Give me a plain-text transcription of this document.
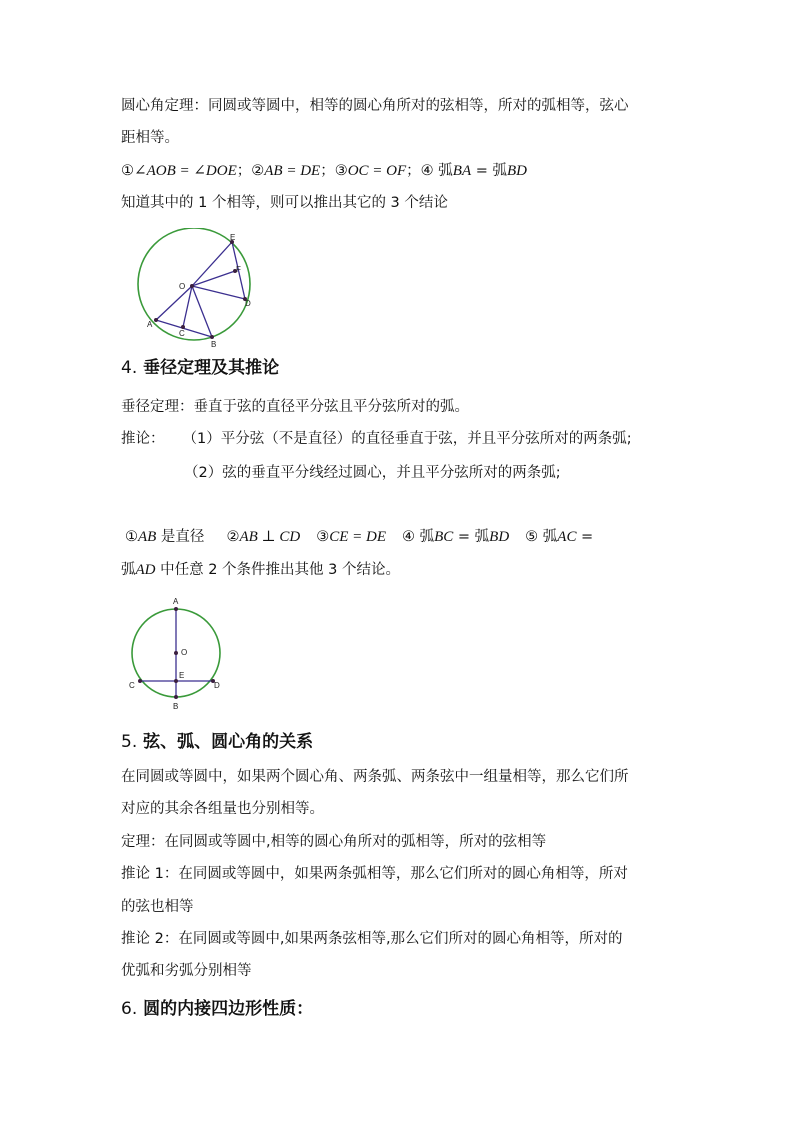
圆心角定理：同圆或等圆中，相等的圆心角所对的弦相等，所对的弧相等，弦心
距相等。
①∠AOB = ∠DOE；②AB = DE；③OC = OF；④ 弧BA = 弧BD
知道其中的 1 个相等，则可以推出其它的 3 个结论
E
F
O
D
A
C
B
4. 垂径定理及其推论
垂径定理：垂直于弦的直径平分弦且平分弦所对的弧。
推论： （1）平分弦（不是直径）的直径垂直于弦，并且平分弦所对的两条弧;
（2）弦的垂直平分线经过圆心，并且平分弦所对的两条弧;
①AB 是直径 ②AB ⊥ CD ③CE = DE ④ 弧BC = 弧BD ⑤ 弧AC =
弧AD 中任意 2 个条件推出其他 3 个结论。
A
O
E
C	D
B
5. 弦、弧、圆心角的关系
在同圆或等圆中，如果两个圆心角、两条弧、两条弦中一组量相等，那么它们所
对应的其余各组量也分别相等。
定理：在同圆或等圆中,相等的圆心角所对的弧相等，所对的弦相等
推论 1：在同圆或等圆中，如果两条弧相等，那么它们所对的圆心角相等，所对
的弦也相等
推论 2：在同圆或等圆中,如果两条弦相等,那么它们所对的圆心角相等，所对的
优弧和劣弧分别相等
6. 圆的内接四边形性质：
